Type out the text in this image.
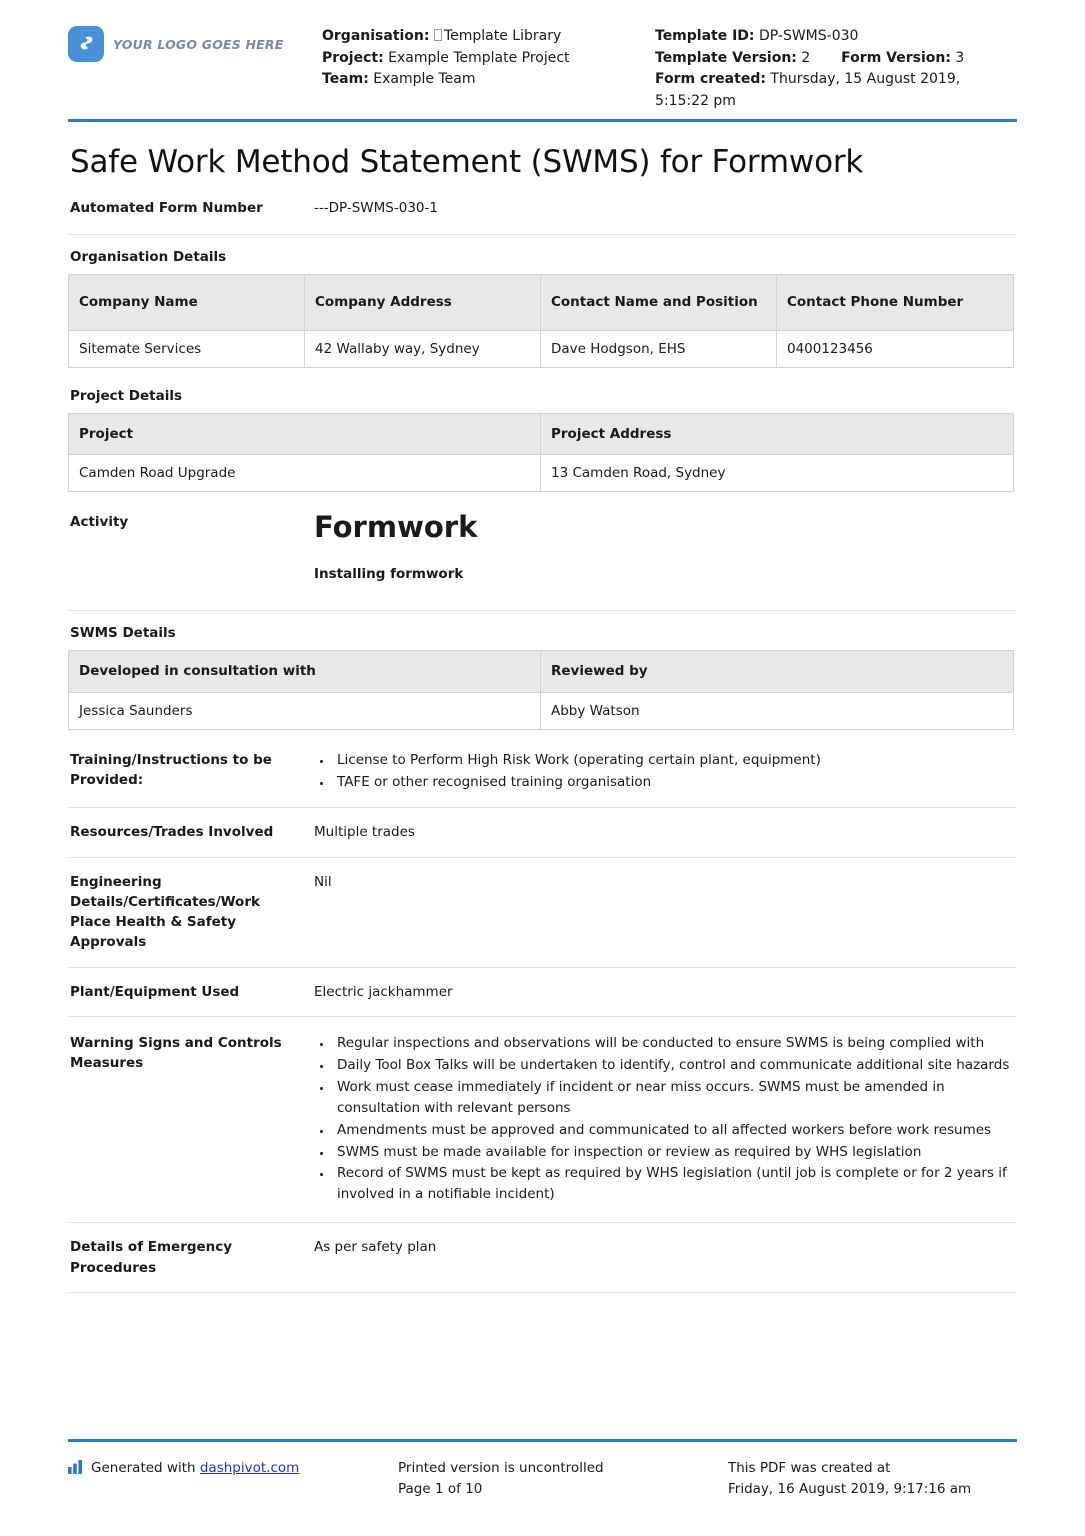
YOUR LOGO GOES HERE	Organisation: Template Library
Project: Example Template Project
Team: Example Team
Template ID: DP-SWMS-030
Template Version: 2 Form Version: 3
Form created: Thursday, 15 August 2019, 5:15:22 pm
Safe Work Method Statement (SWMS) for Formwork
Automated Form Number	---DP-SWMS-030-1
Organisation Details
Company Name	Company Address	Contact Name and Position	Contact Phone Number
Sitemate Services	42 Wallaby way, Sydney	Dave Hodgson, EHS	0400123456
Project Details
Project	Project Address
Camden Road Upgrade	13 Camden Road, Sydney
Activity	Formwork
Installing formwork
SWMS Details
Developed in consultation with	Reviewed by
Jessica Saunders	Abby Watson
Training/Instructions to be Provided:
• License to Perform High Risk Work (operating certain plant, equipment)
• TAFE or other recognised training organisation
Resources/Trades Involved	Multiple trades
Engineering Details/Certificates/Work Place Health & Safety Approvals
Nil
Plant/Equipment Used	Electric jackhammer
Warning Signs and Controls Measures
• Regular inspections and observations will be conducted to ensure SWMS is being complied with
• Daily Tool Box Talks will be undertaken to identify, control and communicate additional site hazards
• Work must cease immediately if incident or near miss occurs. SWMS must be amended in consultation with relevant persons
• Amendments must be approved and communicated to all affected workers before work resumes
• SWMS must be made available for inspection or review as required by WHS legislation
• Record of SWMS must be kept as required by WHS legislation (until job is complete or for 2 years if involved in a notifiable incident)
Details of Emergency Procedures
As per safety plan
Generated with dashpivot.com	Printed version is uncontrolled
Page 1 of 10
This PDF was created at
Friday, 16 August 2019, 9:17:16 am
